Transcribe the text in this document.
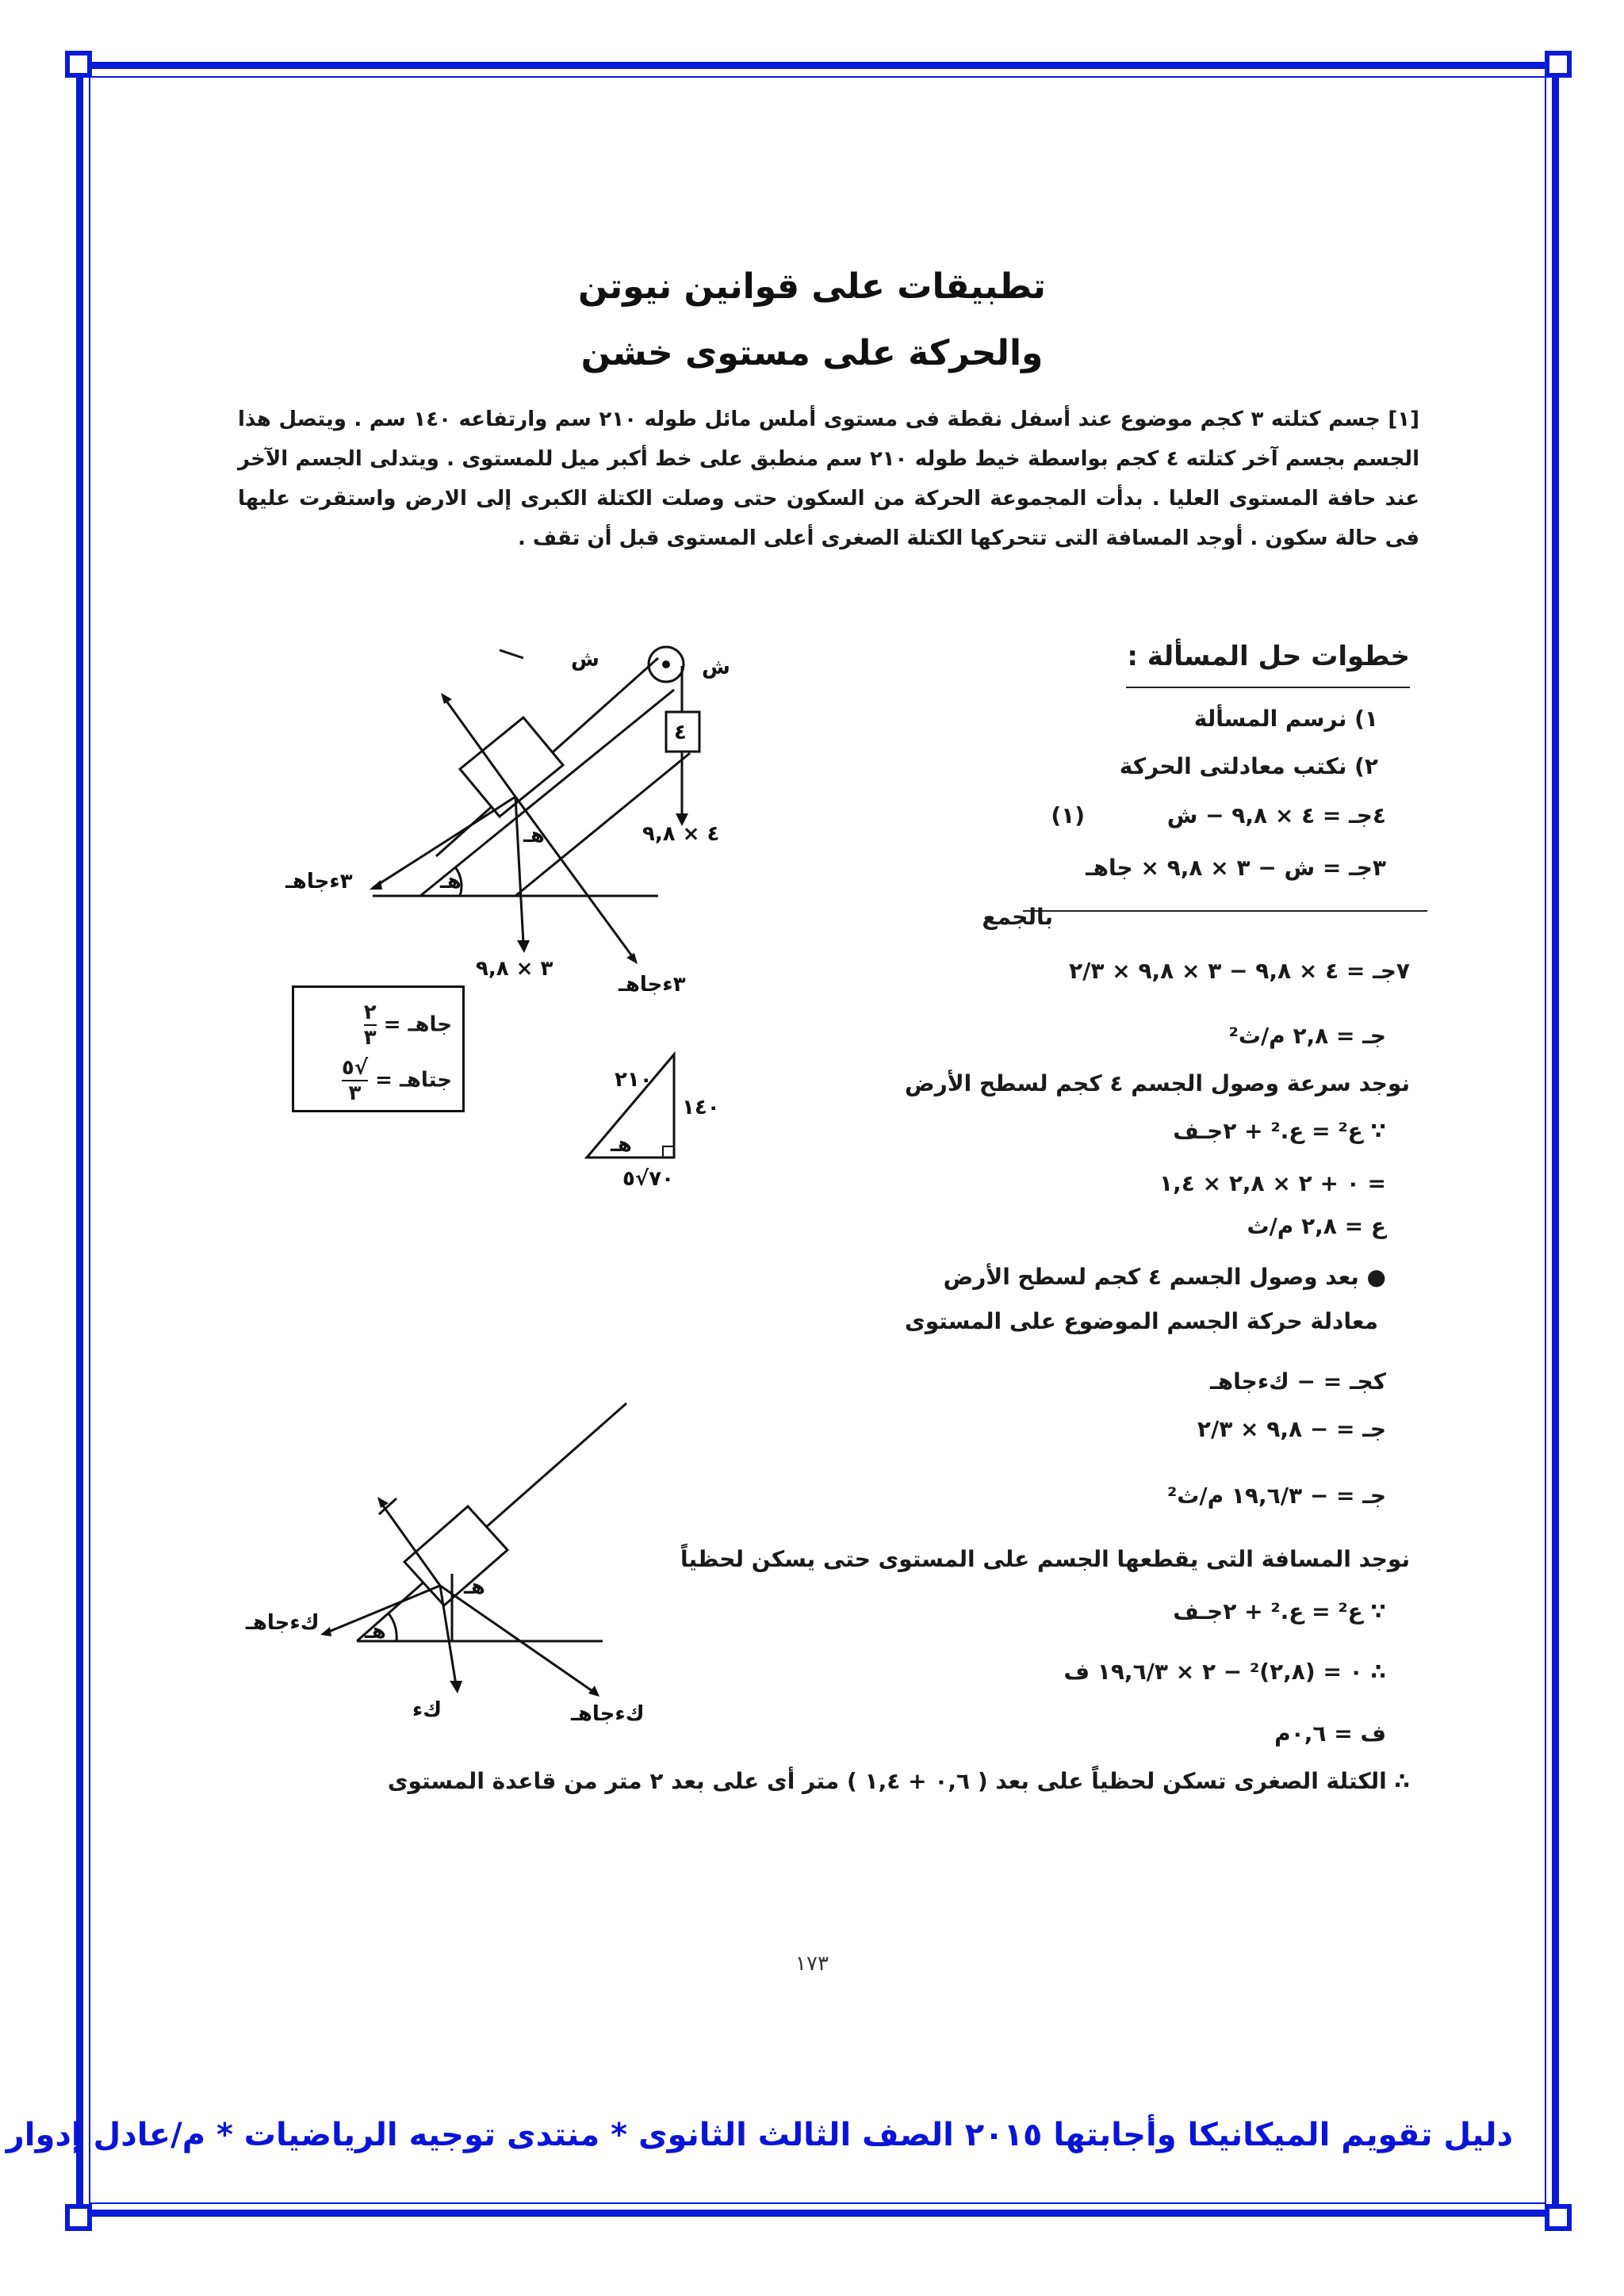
تطبيقات على قوانين نيوتن
والحركة على مستوى خشن
[١] جسم كتلته ٣ كجم موضوع عند أسفل نقطة فى مستوى أملس مائل طوله ٢١٠ سم وارتفاعه ١٤٠ سم . ويتصل هذا الجسم بجسم آخر كتلته ٤ كجم بواسطة خيط طوله ٢١٠ سم منطبق على خط أكبر ميل للمستوى . ويتدلى الجسم الآخر عند حافة المستوى العليا . بدأت المجموعة الحركة من السكون حتى وصلت الكتلة الكبرى إلى الارض واستقرت عليها فى حالة سكون . أوجد المسافة التى تتحركها الكتلة الصغرى أعلى المستوى قبل أن تقف .
خطوات حل المسألة :
١) نرسم المسألة
٢) نكتب معادلتى الحركة
٤جـ = ٤ × ٩,٨ − ش
(١)
٣جـ = ش − ٣ × ٩,٨ × جاهـ
بالجمع
٧جـ = ٤ × ٩,٨ − ٣ × ٩,٨ × ٢/٣
جـ = ٢,٨ م/ث²
نوجد سرعة وصول الجسم ٤ كجم لسطح الأرض
∵ ع² = ع.² + ٢جـف
= ٠ + ٢ × ٢,٨ × ١,٤
ع = ٢,٨ م/ث
● بعد وصول الجسم ٤ كجم لسطح الأرض
معادلة حركة الجسم الموضوع على المستوى
كجـ = − كءجاهـ
جـ = − ٩,٨ × ٢/٣
جـ = − ١٩,٦/٣ م/ث²
نوجد المسافة التى يقطعها الجسم على المستوى حتى يسكن لحظياً
∵ ع² = ع.² + ٢جـف
∴ ٠ = (٢,٨)² − ٢ × ١٩,٦/٣ ف
ف = ٠,٦م
∴ الكتلة الصغرى تسكن لحظياً على بعد ( ٠,٦ + ١,٤ ) متر أى على بعد ٢ متر من قاعدة المستوى
٤
٤ × ٩,٨
٣ × ٩,٨
٣ءجاهـ
٣ءجاهـ
ش	ش
هـ
هـ
جاهـ =
٢
٣
جتاهـ =
√٥
٣
٢١٠
١٤٠
٧٠√٥
هـ
كء
كءجاهـ
كءجاهـ
هـ
هـ
١٧٣
دليل تقويم الميكانيكا وأجابتها ٢٠١٥ الصف الثالث الثانوى * منتدى توجيه الرياضيات * م/عادل إدوار
